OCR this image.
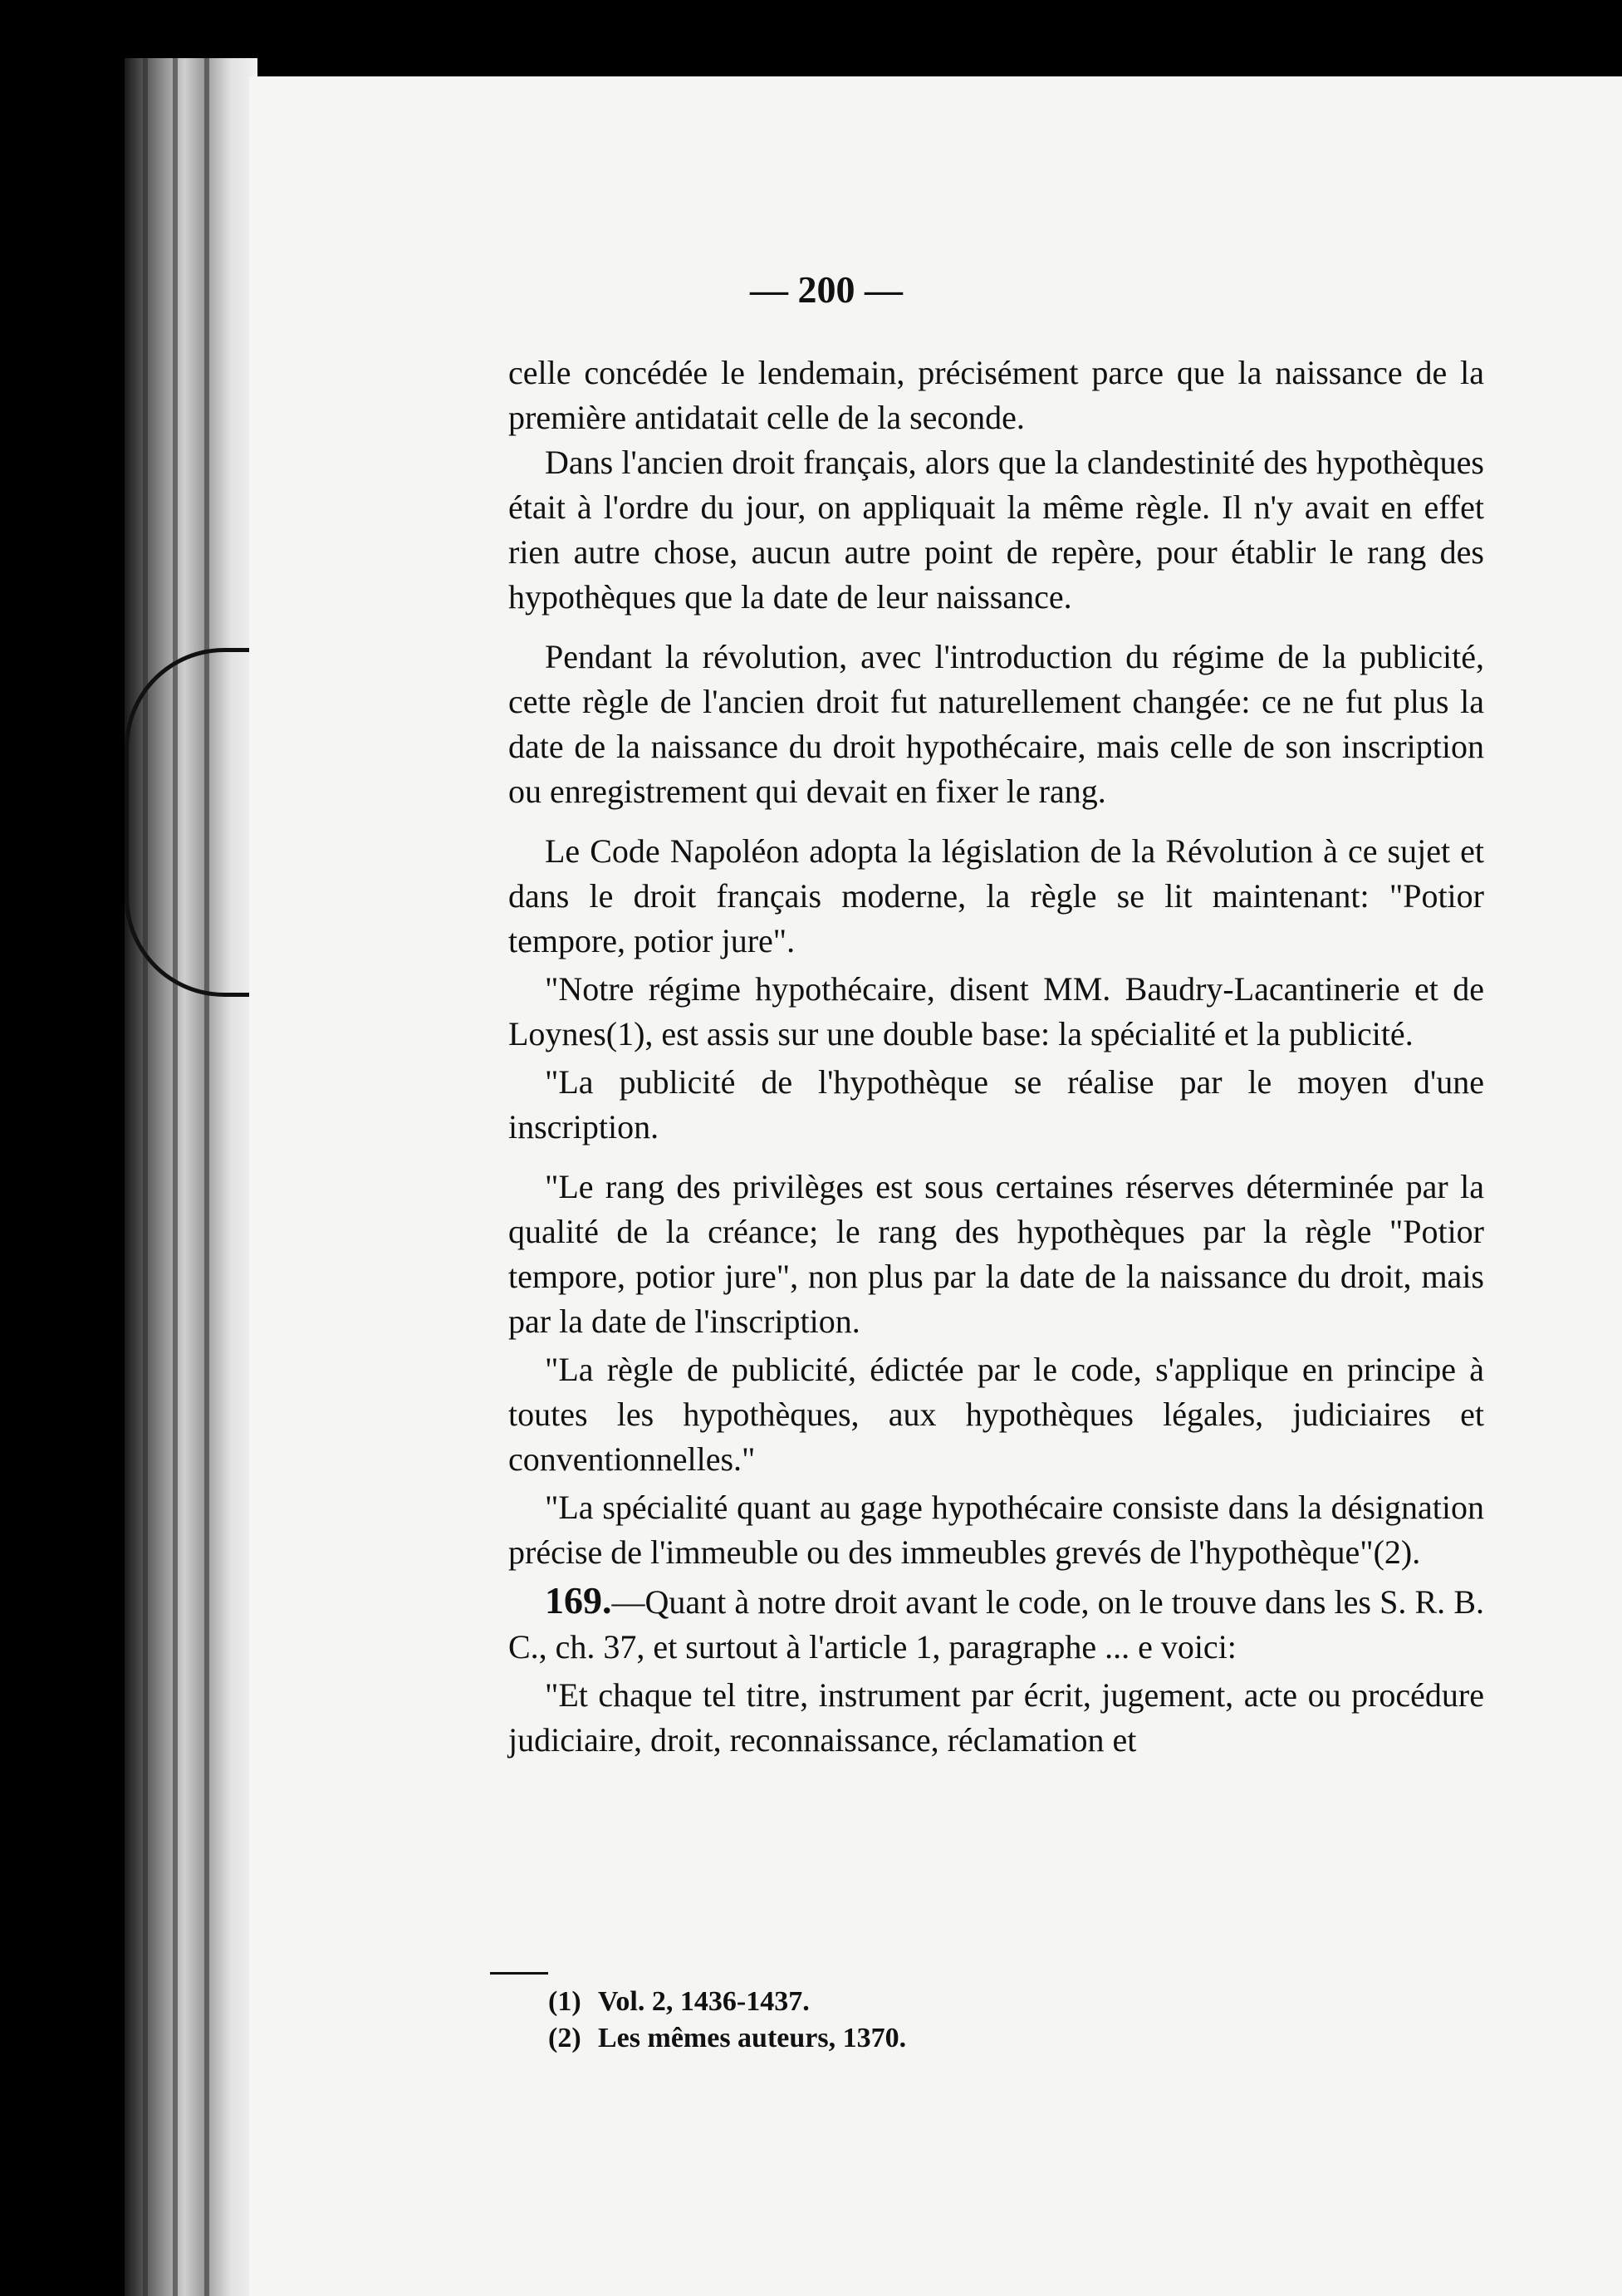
— 200 —

celle concédée le lendemain, précisément parce que la naissance de la première antidatait celle de la seconde.

Dans l'ancien droit français, alors que la clandestinité des hypothèques était à l'ordre du jour, on appliquait la même règle. Il n'y avait en effet rien autre chose, aucun autre point de repère, pour établir le rang des hypothèques que la date de leur naissance.

Pendant la révolution, avec l'introduction du régime de la publicité, cette règle de l'ancien droit fut naturellement changée: ce ne fut plus la date de la naissance du droit hypothécaire, mais celle de son inscription ou enregistrement qui devait en fixer le rang.

Le Code Napoléon adopta la législation de la Révolution à ce sujet et dans le droit français moderne, la règle se lit maintenant: "Potior tempore, potior jure".

"Notre régime hypothécaire, disent MM. Baudry-Lacantinerie et de Loynes(1), est assis sur une double base: la spécialité et la publicité.

"La publicité de l'hypothèque se réalise par le moyen d'une inscription.

"Le rang des privilèges est sous certaines réserves déterminée par la qualité de la créance; le rang des hypothèques par la règle "Potior tempore, potior jure", non plus par la date de la naissance du droit, mais par la date de l'inscription.

"La règle de publicité, édictée par le code, s'applique en principe à toutes les hypothèques, aux hypothèques légales, judiciaires et conventionnelles."

"La spécialité quant au gage hypothécaire consiste dans la désignation précise de l'immeuble ou des immeubles grevés de l'hypothèque"(2).

169.—Quant à notre droit avant le code, on le trouve dans les S. R. B. C., ch. 37, et surtout à l'article 1, paragraphe ... e voici:

"Et chaque tel titre, instrument par écrit, jugement, acte ou procédure judiciaire, droit, reconnaissance, réclamation et

(1) Vol. 2, 1436-1437.
(2) Les mêmes auteurs, 1370.
